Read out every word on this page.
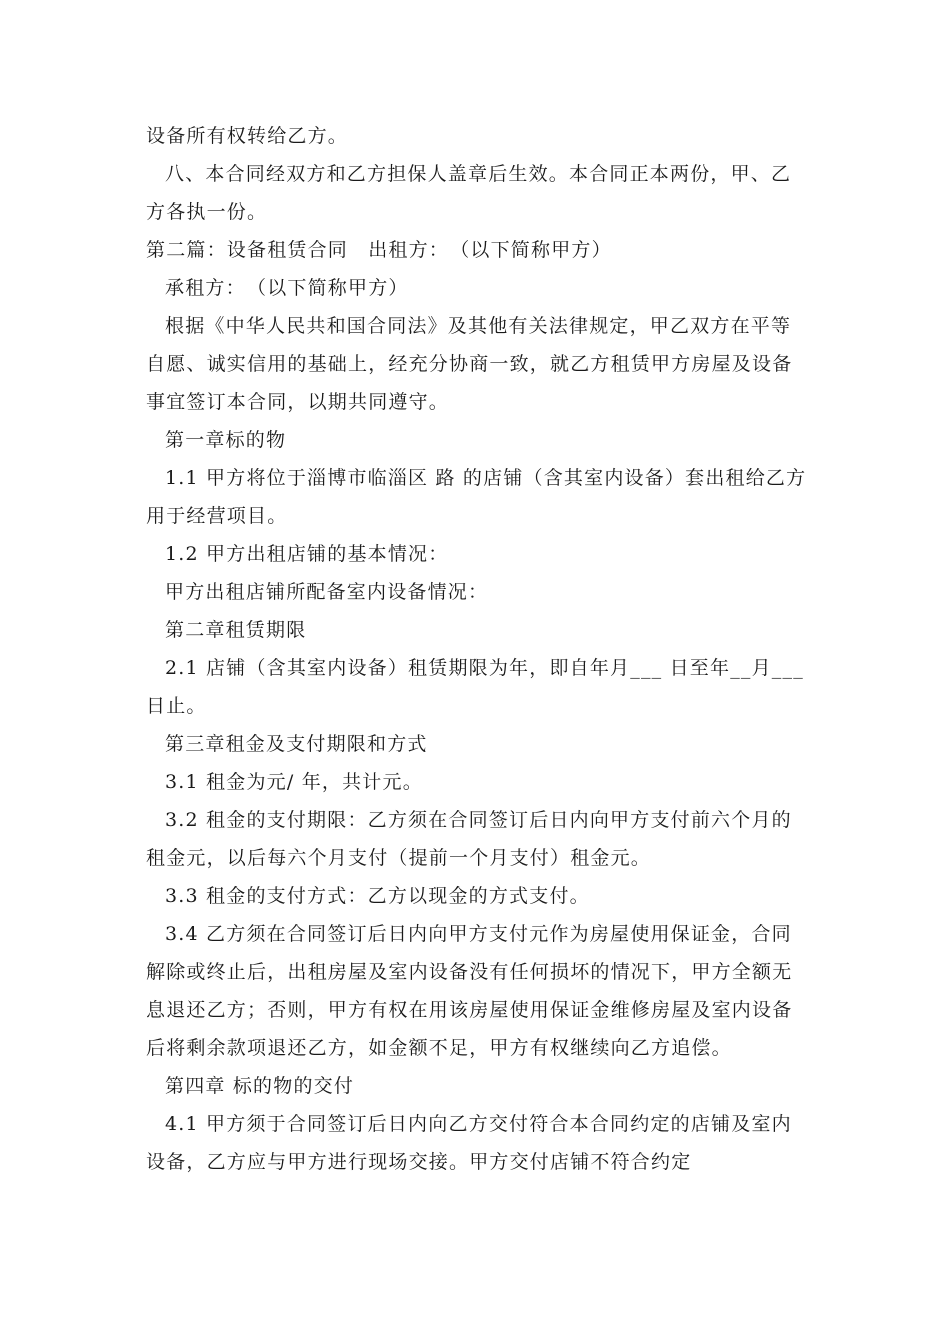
设备所有权转给乙方。

八、本合同经双方和乙方担保人盖章后生效。本合同正本两份，甲、乙方各执一份。

第二篇：设备租赁合同　出租方：　（以下简称甲方）

承租方：　（以下简称甲方）

根据《中华人民共和国合同法》及其他有关法律规定，甲乙双方在平等自愿、诚实信用的基础上，经充分协商一致，就乙方租赁甲方房屋及设备事宜签订本合同，以期共同遵守。

第一章标的物

1.1 甲方将位于淄博市临淄区 路 的店铺（含其室内设备）套出租给乙方用于经营项目。

1.2 甲方出租店铺的基本情况：

甲方出租店铺所配备室内设备情况：

第二章租赁期限

2.1 店铺（含其室内设备）租赁期限为年，即自年月___ 日至年__月___ 日止。

第三章租金及支付期限和方式

3.1 租金为元/ 年，共计元。

3.2 租金的支付期限：乙方须在合同签订后日内向甲方支付前六个月的租金元，以后每六个月支付（提前一个月支付）租金元。

3.3 租金的支付方式：乙方以现金的方式支付。

3.4 乙方须在合同签订后日内向甲方支付元作为房屋使用保证金，合同解除或终止后，出租房屋及室内设备没有任何损坏的情况下，甲方全额无息退还乙方；否则，甲方有权在用该房屋使用保证金维修房屋及室内设备后将剩余款项退还乙方，如金额不足，甲方有权继续向乙方追偿。

第四章 标的物的交付

4.1 甲方须于合同签订后日内向乙方交付符合本合同约定的店铺及室内设备，乙方应与甲方进行现场交接。甲方交付店铺不符合约定
